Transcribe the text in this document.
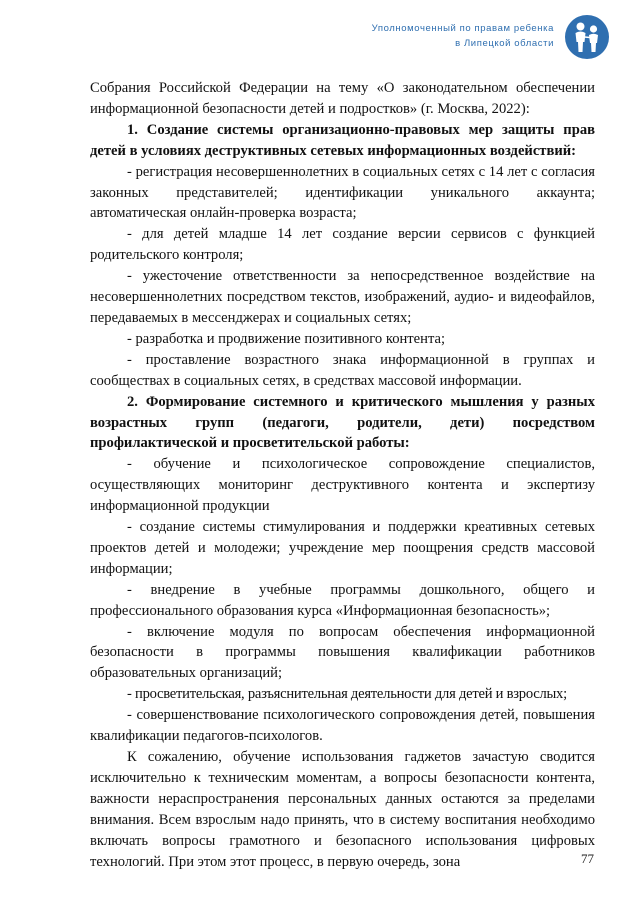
Уполномоченный по правам ребенка
в Липецкой области

Собрания Российской Федерации на тему «О законодательном обеспечении информационной безопасности детей и подростков» (г. Москва, 2022):

1. Создание системы организационно-правовых мер защиты прав детей в условиях деструктивных сетевых информационных воздействий:

- регистрация несовершеннолетних в социальных сетях с 14 лет с согласия законных представителей; идентификации уникального аккаунта; автоматическая онлайн-проверка возраста;

- для детей младше 14 лет создание версии сервисов с функцией родительского контроля;

- ужесточение ответственности за непосредственное воздействие на несовершеннолетних посредством текстов, изображений, аудио- и видеофайлов, передаваемых в мессенджерах и социальных сетях;

- разработка и продвижение позитивного контента;

- проставление возрастного знака информационной в группах и сообществах в социальных сетях, в средствах массовой информации.

2. Формирование системного и критического мышления у разных возрастных групп (педагоги, родители, дети) посредством профилактической и просветительской работы:

- обучение и психологическое сопровождение специалистов, осуществляющих мониторинг деструктивного контента и экспертизу информационной продукции

- создание системы стимулирования и поддержки креативных сетевых проектов детей и молодежи; учреждение мер поощрения средств массовой информации;

- внедрение в учебные программы дошкольного, общего и профессионального образования курса «Информационная безопасность»;

- включение модуля по вопросам обеспечения информационной безопасности в программы повышения квалификации работников образовательных организаций;

- просветительская, разъяснительная деятельности для детей и взрослых;

- совершенствование психологического сопровождения детей, повышения квалификации педагогов-психологов.

К сожалению, обучение использования гаджетов зачастую сводится исключительно к техническим моментам, а вопросы безопасности контента, важности нераспространения персональных данных остаются за пределами внимания. Всем взрослым надо принять, что в систему воспитания необходимо включать вопросы грамотного и безопасного использования цифровых технологий. При этом этот процесс, в первую очередь, зона	77
